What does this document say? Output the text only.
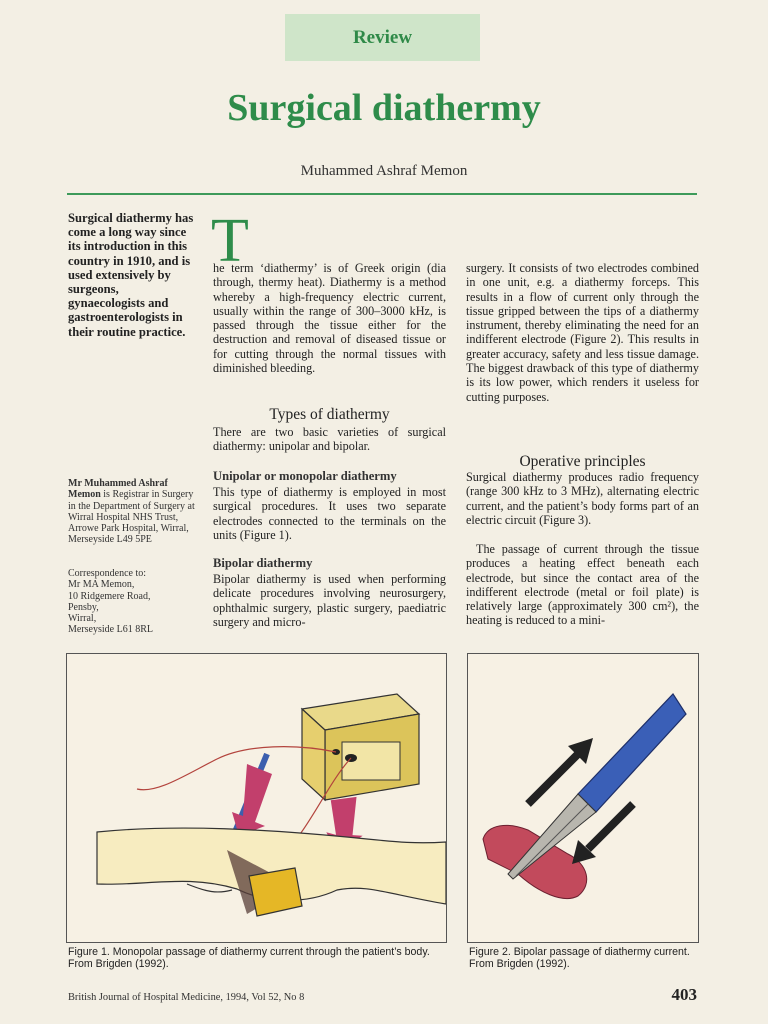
Review
Surgical diathermy
Muhammed Ashraf Memon
Surgical diathermy has come a long way since its introduction in this country in 1910, and is used extensively by surgeons, gynaecologists and gastroenterologists in their routine practice.
Mr Muhammed Ashraf Memon is Registrar in Surgery in the Department of Surgery at Wirral Hospital NHS Trust, Arrowe Park Hospital, Wirral, Merseyside L49 5PE
Correspondence to:
Mr MA Memon,
10 Ridgemere Road,
Pensby,
Wirral,
Merseyside L61 8RL
T
he term ‘diathermy’ is of Greek origin (dia through, thermy heat). Diathermy is a method whereby a high-frequency electric current, usually within the range of 300–3000 kHz, is passed through the tissue either for the destruction and removal of diseased tissue or for cutting through the normal tissues with diminished bleeding.
Types of diathermy
There are two basic varieties of surgical diathermy: unipolar and bipolar.
Unipolar or monopolar diathermy
This type of diathermy is employed in most surgical procedures. It uses two separate electrodes connected to the terminals on the units (Figure 1).
Bipolar diathermy
Bipolar diathermy is used when performing delicate procedures involving neurosurgery, ophthalmic surgery, plastic surgery, paediatric surgery and micro-
surgery. It consists of two electrodes combined in one unit, e.g. a diathermy forceps. This results in a flow of current only through the tissue gripped between the tips of a diathermy instrument, thereby eliminating the need for an indifferent electrode (Figure 2). This results in greater accuracy, safety and less tissue damage. The biggest drawback of this type of diathermy is its low power, which renders it useless for cutting purposes.
Operative principles
Surgical diathermy produces radio frequency (range 300 kHz to 3 MHz), alternating electric current, and the patient’s body forms part of an electric circuit (Figure 3).
The passage of current through the tissue produces a heating effect beneath each electrode, but since the contact area of the indifferent electrode (metal or foil plate) is relatively large (approximately 300 cm²), the heating is reduced to a mini-
Figure 1. Monopolar passage of diathermy current through the patient’s body. From Brigden (1992).
Figure 2. Bipolar passage of diathermy current. From Brigden (1992).
British Journal of Hospital Medicine, 1994, Vol 52, No 8	403
